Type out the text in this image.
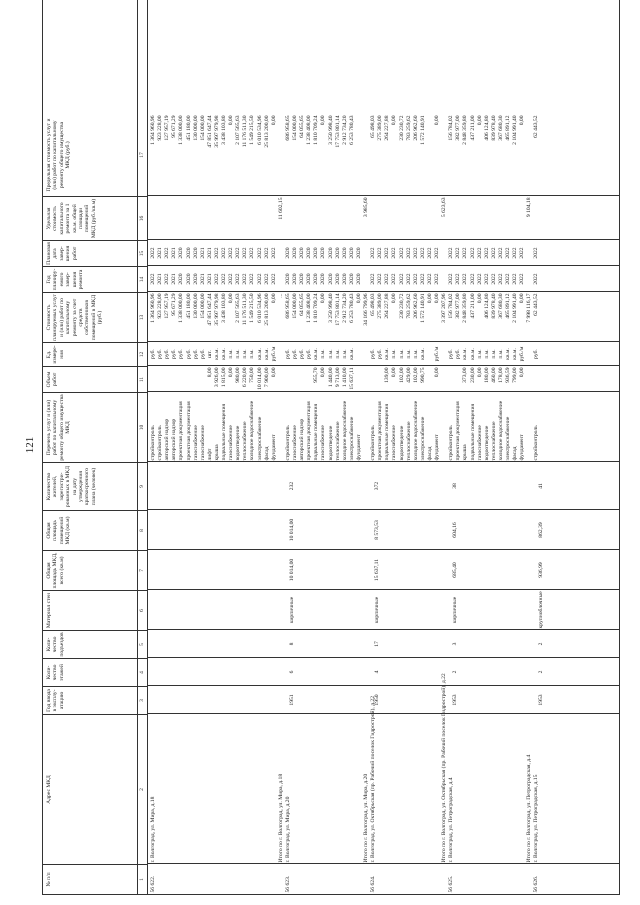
121
№ п/п
Адрес МКД
Год ввода в эксплу-атацию
Коли-чество этажей
Коли-чество подъездов
Материал стен
Общая площадь МКД, всего (кв.м)
Общая площадь помещений МКД (кв.м)
Количество жителей, зарегистри-рованных в МКД на дату утверждения краткосрочного плана (человек)
Перечень услуг и (или) работ по капитальному ремонту общего имущества МКД
Объем работ
Ед. измере-ния
Стоимость планируемых услуг и (или) работ по капитальному ремонту за счет средств собственников помещений в МКД (руб.)
Год планиру-емого завер-шения ремонта
Плановая дата завер-шения работ
Удельная стоимость капитального ремонта за 1 кв.м. общей площади помещений МКД (руб./кв.м)
Предельная стоимость услуг и (или) работ по капитальному ремонту общего имущества МКД (руб.)
1
2
3
4
5
6
7
8
9
10
11
12
13
14
15
16
17
56 622.
г. Волгоград, ул. Мира, д.18
стройконтроль
руб.
1 364 960,96
2022
2022
1 364 960,96
стройконтроль
руб.
923 228,00
2021
2021
923 228,00
авторский надзор
руб.
127 957,19
2022
2022
127 957,19
авторский надзор
руб.
95 671,29
2021
2021
95 671,29
проектная документация
руб.
1 338 000,00
2020
2020
1 338 000,00
проектная документация
руб.
451 180,00
2020
2020
451 180,00
газоснабжение
руб.
130 000,00
2020
2020
130 000,00
газоснабжение
руб.
154 000,00
2021
2021
154 000,00
лифт
8,00
шт.
47 851 647,44
2021
2021
47 851 647,44
крыша
3 926,00
кв.м.
35 997 979,98
2022
2022
35 997 979,98
подвальные помещения
1 815,00
кв.м.
3 438 103,80
2022
2022
3 438 103,80
газоснабжение
0,00
п.м.
0,00
2022
2022
0,00
водоотведение
980,00
п.м.
2 107 565,63
2022
2022
2 107 565,63
теплоснабжение
6 220,00
п.м.
11 176 511,30
2022
2022
11 176 511,30
холодное водоснабжение
750,00
п.м.
1 549 215,50
2022
2022
1 549 215,50
электроснабжение
10 014,00
кв.м.
6 010 534,96
2022
2022
6 010 534,96
фасад
7 900,00
кв.м.
25 813 200,00
2022
2022
25 813 200,00
фундамент
0,00
руб./м
0,00
2022
2022
0,00
Итого по г. Волгоград, ул. Мира, д.18
...
11 602,15
56 623.
г. Волгоград, ул. Мира, д.20
1951
6
8
кирпичные
10 014,00
10 014,00
232
стройконтроль
руб.
686 958,65
2020
2020
686 958,65
газоснабжение
руб.
154 000,00
2020
2020
154 000,00
авторский надзор
руб.
64 055,65
2020
2020
64 055,65
проектная документация
руб.
1 238 408,00
2020
2020
1 238 408,00
подвальные помещения
955,70
кв.м.
1 810 709,24
2020
2020
1 810 709,24
газоснабжение
0,00
п.м.
0,00
2020
2020
0,00
водоотведение
1 440,00
п.м.
3 250 998,40
2020
2020
3 250 998,40
теплоснабжение
9 713,00
п.м.
17 753 801,14
2020
2020
17 753 801,14
холодное водоснабжение
1 410,00
п.м.
2 912 734,20
2020
2020
2 912 734,20
электроснабжение
15 637,11
кв.м.
6 253 780,43
2020
2020
6 253 780,43
фундамент
0,00
2020
2020
Итого по г. Волгоград, ул. Мира, д.20
34 166 799,96
3 985,60
56 624.
г. Волгоград, ул. Октябрьская (пр. Рабочий поселок Гидрострой), д.22
1950
4
17
кирпичные
15 637,11
8 573,53
372
стройконтроль
руб.
65 498,03
2022
2022
65 498,03
проектная документация
руб.
275 389,00
2022
2022
275 389,00
подвальные помещения
139,00
кв.м.
264 227,88
2022
2022
264 227,88
газоснабжение
0,00
п.м.
0,00
2022
2022
0,00
водоотведение
102,00
п.м.
230 230,72
2022
2022
230 230,72
теплоснабжение
429,00
п.м.
783 259,62
2022
2022
783 259,62
холодное водоснабжение
102,00
п.м.
206 962,60
2022
2022
206 962,60
электроснабжение
990,75
кв.м.
1 572 140,91
2022
2022
1 572 140,91
фасад
0,00
2022
2022
фундамент
0,00
руб./м
0,00
2022
2022
0,00
Итого по г. Волгоград, ул. Октябрьская (пр. Рабочий поселок Гидрострой), д.22
3 397 207,96
5 623,63
56 625.
г. Волгоград, ул. Петроградская, д.4
1953
2
3
кирпичные
685,40
604,16
38
стройконтроль
руб.
156 784,02
2022
2022
156 784,02
проектная документация
руб.
382 977,00
2022
2022
382 977,00
крыша
373,00
кв.м.
2 848 359,80
2022
2022
2 848 359,80
подвальные помещения
230,00
кв.м.
437 211,00
2022
2022
437 211,00
газоснабжение
0,00
п.м.
0,00
2022
2022
0,00
водоотведение
180,00
п.м.
406 124,80
2022
2022
406 124,80
теплоснабжение
460,00
п.м.
839 978,40
2022
2022
839 978,40
холодное водоснабжение
178,00
п.м.
367 680,30
2022
2022
367 680,30
электроснабжение
936,59
кв.м.
465 891,12
2022
2022
465 891,12
фасад
799,00
кв.м.
2 104 991,40
2022
2022
2 104 991,40
фундамент
0,00
руб./м
0,00
2022
2022
0,00
Итого по г. Волгоград, ул. Петроградская, д.4
7 998 116,17
9 104,18
56 626.
г. Волгоград, ул. Петроградская, д.15
1953
2
2
крупноблочные
936,99
862,39
41
стройконтроль
руб.
62 443,52
2022
2022
62 443,52
